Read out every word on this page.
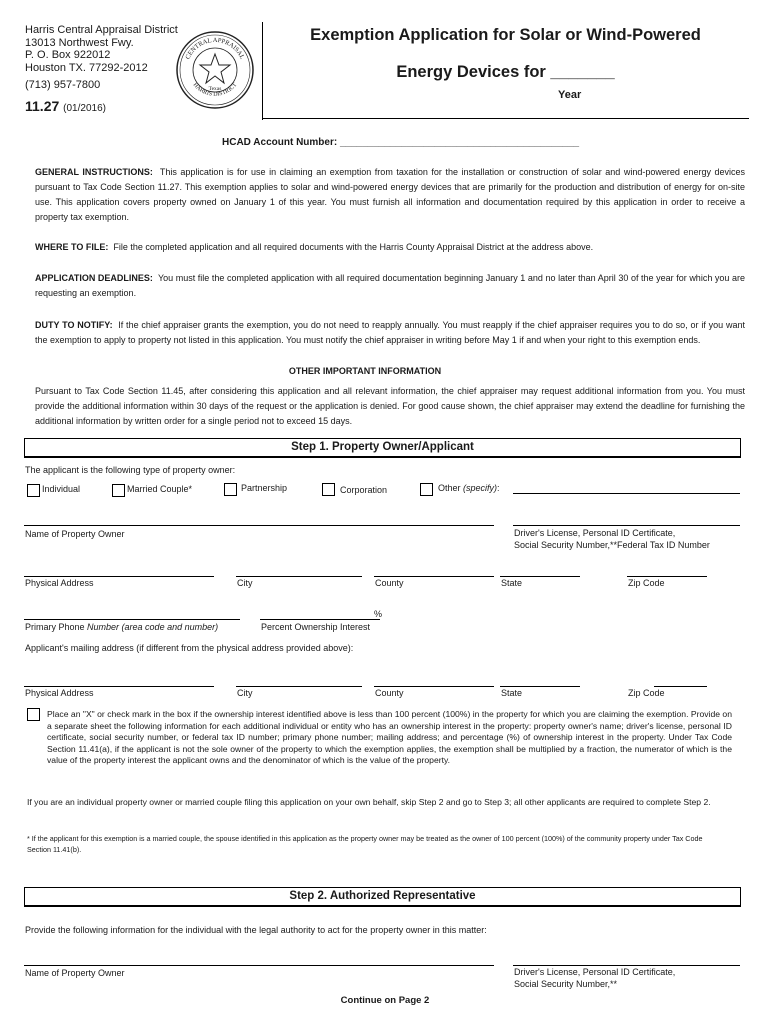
Harris Central Appraisal District
13013 Northwest Fwy.
P. O. Box 922012
Houston TX. 77292-2012
(713) 957-7800
11.27 (01/2016)
CENTRAL APPRAISAL
HARRIS DISTRICT
Texas
Exemption Application for Solar or Wind-Powered
Energy Devices for _______
Year
HCAD Account Number: ___________________________________________
GENERAL INSTRUCTIONS: This application is for use in claiming an exemption from taxation for the installation or construction of solar and wind-powered energy devices pursuant to Tax Code Section 11.27. This exemption applies to solar and wind-powered energy devices that are primarily for the production and distribution of energy for on-site use. This application covers property owned on January 1 of this year. You must furnish all information and documentation required by this application in order to receive a property tax exemption.
WHERE TO FILE: File the completed application and all required documents with the Harris County Appraisal District at the address above.
APPLICATION DEADLINES: You must file the completed application with all required documentation beginning January 1 and no later than April 30 of the year for which you are requesting an exemption.
DUTY TO NOTIFY: If the chief appraiser grants the exemption, you do not need to reapply annually. You must reapply if the chief appraiser requires you to do so, or if you want the exemption to apply to property not listed in this application. You must notify the chief appraiser in writing before May 1 if and when your right to this exemption ends.
OTHER IMPORTANT INFORMATION
Pursuant to Tax Code Section 11.45, after considering this application and all relevant information, the chief appraiser may request additional information from you. You must provide the additional information within 30 days of the request or the application is denied. For good cause shown, the chief appraiser may extend the deadline for furnishing the additional information by written order for a single period not to exceed 15 days.
Step 1. Property Owner/Applicant
The applicant is the following type of property owner:
Individual	Married Couple*	Partnership	Corporation	Other (specify):
Name of Property Owner	Driver's License, Personal ID Certificate,
Social Security Number,**Federal Tax ID Number
Physical Address	City	County	State	Zip Code
%
Primary Phone Number (area code and number)	Percent Ownership Interest
Applicant's mailing address (if different from the physical address provided above):
Physical Address	City	County	State	Zip Code
Place an "X" or check mark in the box if the ownership interest identified above is less than 100 percent (100%) in the property for which you are claiming the exemption. Provide on a separate sheet the following information for each additional individual or entity who has an ownership interest in the property: property owner's name; driver's license, personal ID certificate, social security number, or federal tax ID number; primary phone number; mailing address; and percentage (%) of ownership interest in the property. Under Tax Code Section 11.41(a), if the applicant is not the sole owner of the property to which the exemption applies, the exemption shall be multiplied by a fraction, the numerator of which is the value of the property interest the applicant owns and the denominator of which is the value of the property.
If you are an individual property owner or married couple filing this application on your own behalf, skip Step 2 and go to Step 3; all other applicants are required to complete Step 2.
* If the applicant for this exemption is a married couple, the spouse identified in this application as the property owner may be treated as the owner of 100 percent (100%) of the community property under Tax Code Section 11.41(b).
Step 2. Authorized Representative
Provide the following information for the individual with the legal authority to act for the property owner in this matter:
Name of Property Owner	Driver's License, Personal ID Certificate,
Social Security Number,**
Continue on Page 2
